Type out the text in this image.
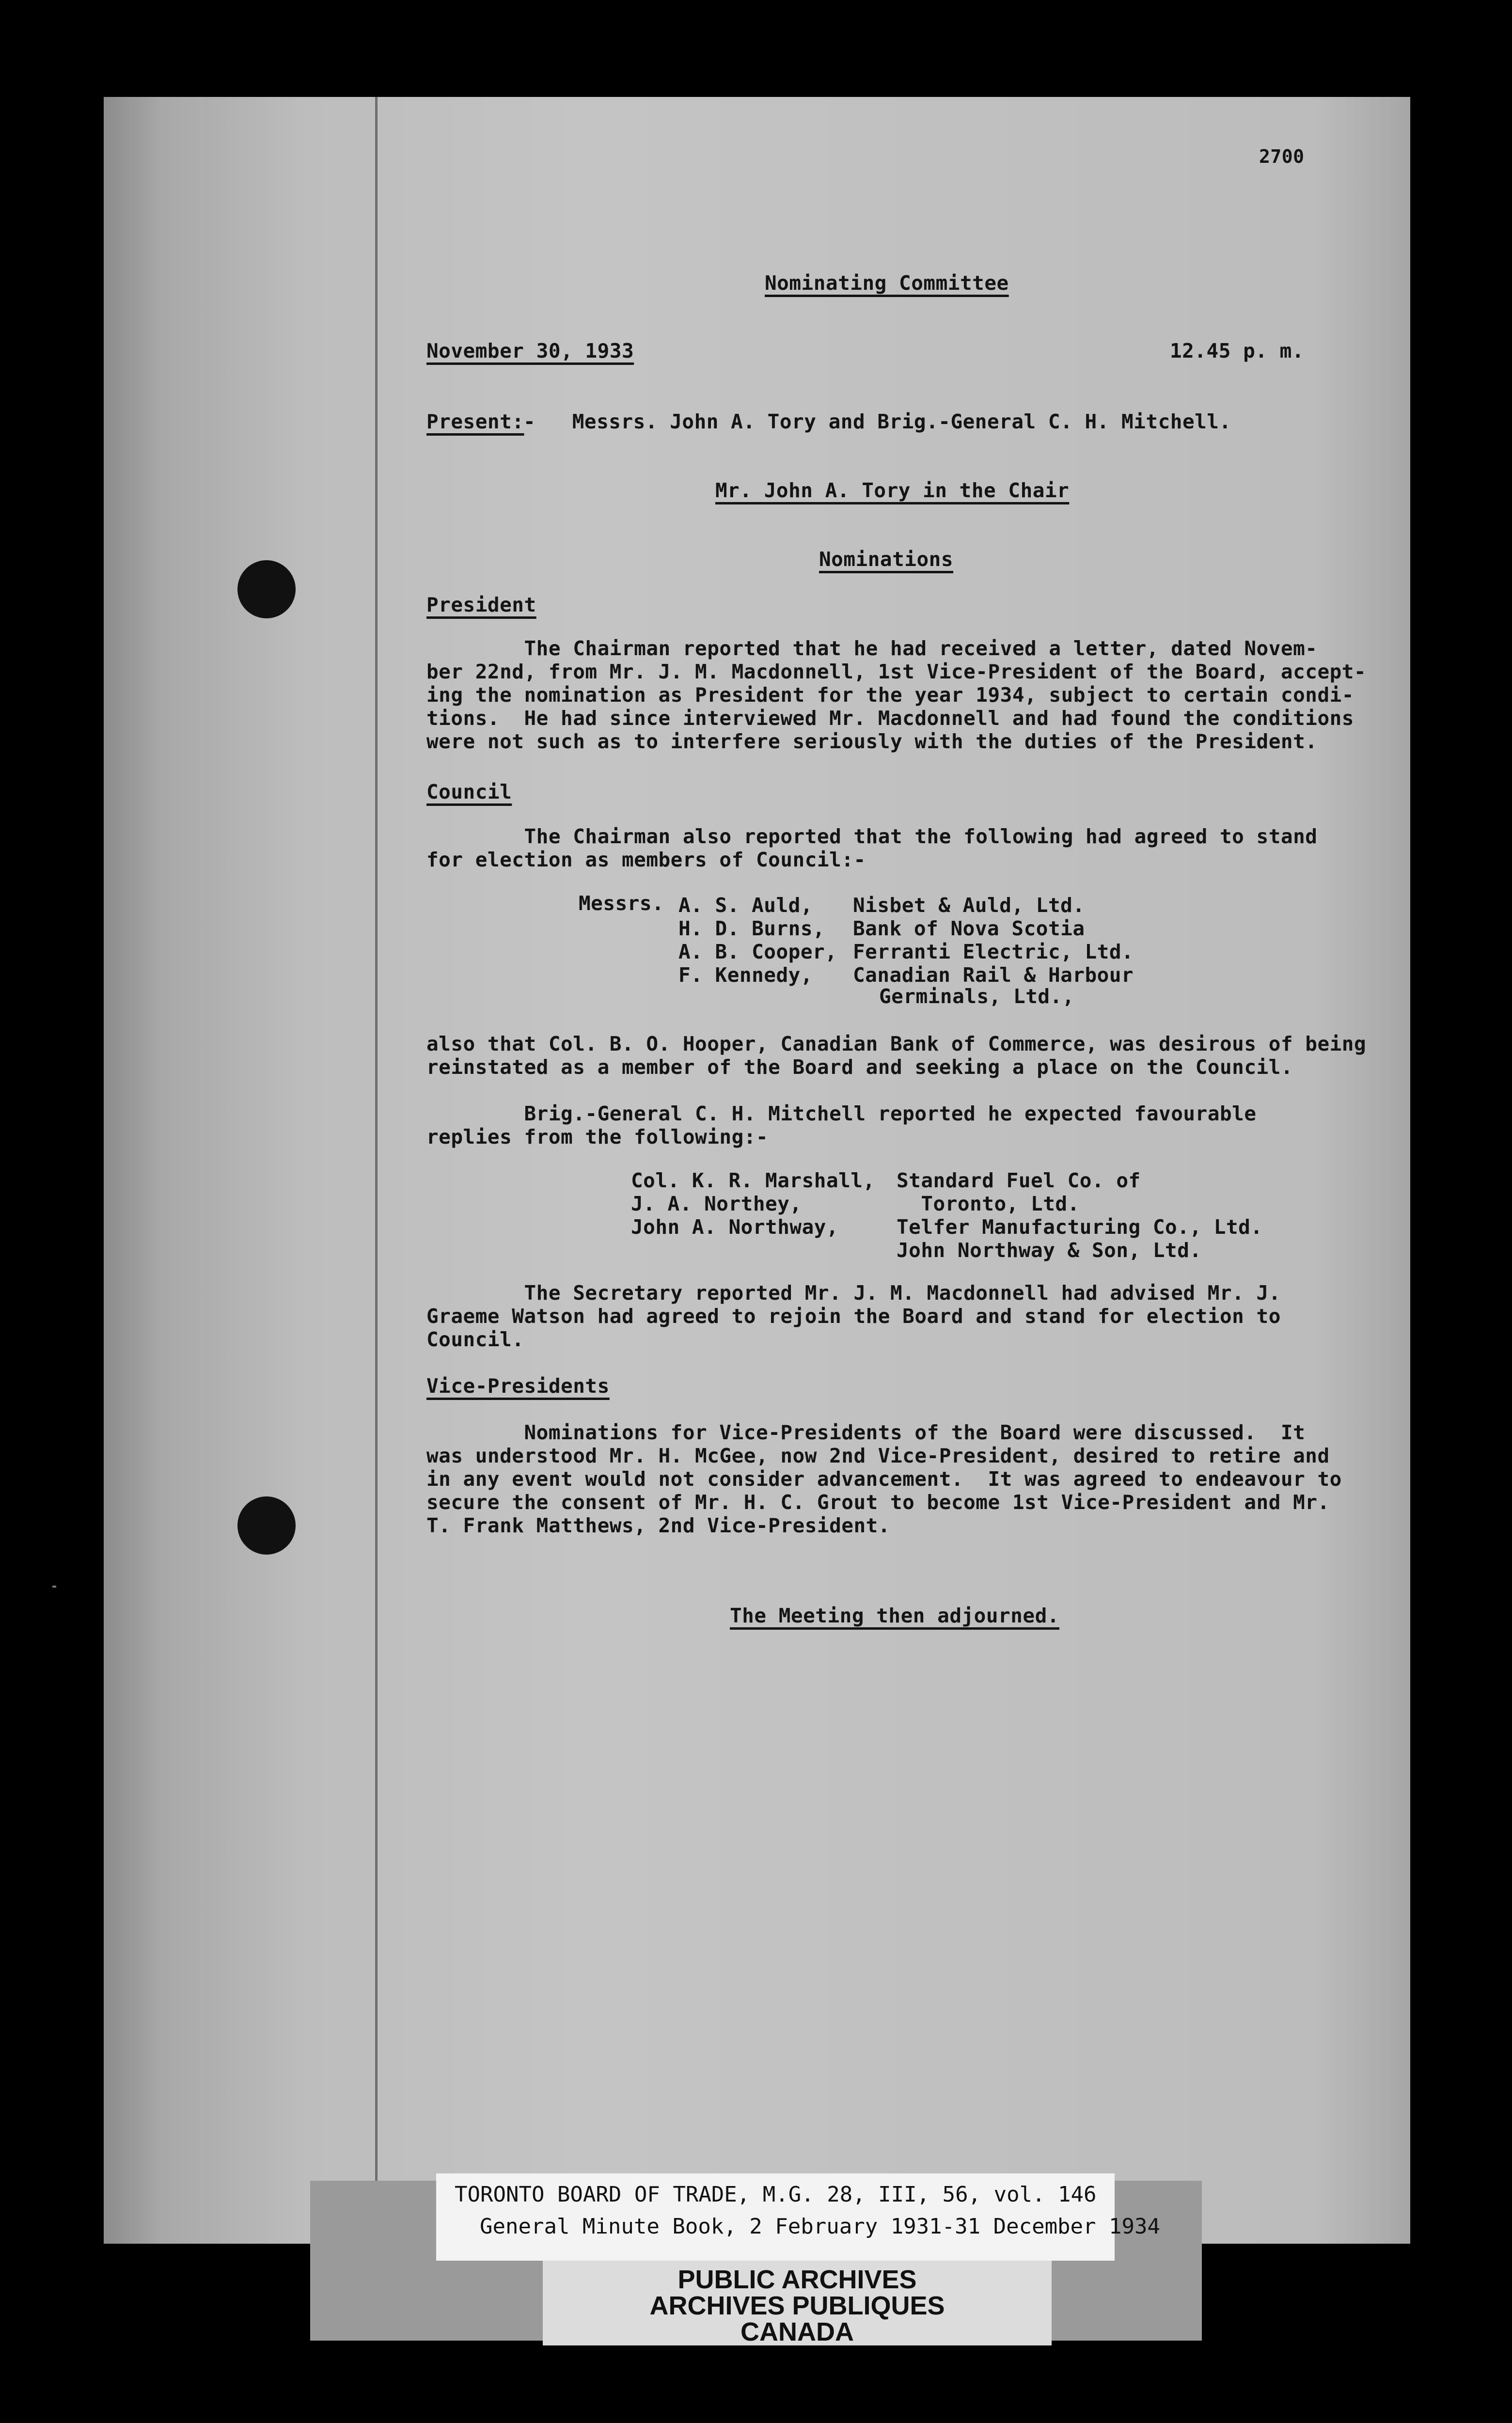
2700
Nominating Committee
November 30, 1933	12.45 p. m.
Present:
-   Messrs. John A. Tory and Brig.-General C. H. Mitchell.
Mr. John A. Tory in the Chair
Nominations
President
The Chairman reported that he had received a letter, dated Novem-
ber 22nd, from Mr. J. M. Macdonnell, 1st Vice-President of the Board, accept-
ing the nomination as President for the year 1934, subject to certain condi-
tions.  He had since interviewed Mr. Macdonnell and had found the conditions
were not such as to interfere seriously with the duties of the President.
Council
The Chairman also reported that the following had agreed to stand
for election as members of Council:-
Messrs. A. S. Auld,
H. D. Burns,
A. B. Cooper,
F. Kennedy,
Nisbet & Auld, Ltd.
Bank of Nova Scotia
Ferranti Electric, Ltd.
Canadian Rail & Harbour
Germinals, Ltd.,
also that Col. B. O. Hooper, Canadian Bank of Commerce, was desirous of being
reinstated as a member of the Board and seeking a place on the Council.
Brig.-General C. H. Mitchell reported he expected favourable
replies from the following:-
Col. K. R. Marshall,
J. A. Northey,
John A. Northway,
Standard Fuel Co. of
Toronto, Ltd.
Telfer Manufacturing Co., Ltd.
John Northway & Son, Ltd.
The Secretary reported Mr. J. M. Macdonnell had advised Mr. J.
Graeme Watson had agreed to rejoin the Board and stand for election to
Council.
Vice-Presidents
Nominations for Vice-Presidents of the Board were discussed.  It
was understood Mr. H. McGee, now 2nd Vice-President, desired to retire and
in any event would not consider advancement.  It was agreed to endeavour to
secure the consent of Mr. H. C. Grout to become 1st Vice-President and Mr.
T. Frank Matthews, 2nd Vice-President.
The Meeting then adjourned.
TORONTO BOARD OF TRADE, M.G. 28, III, 56, vol. 146
General Minute Book, 2 February 1931-31 December 1934
PUBLIC ARCHIVES
ARCHIVES PUBLIQUES
CANADA
